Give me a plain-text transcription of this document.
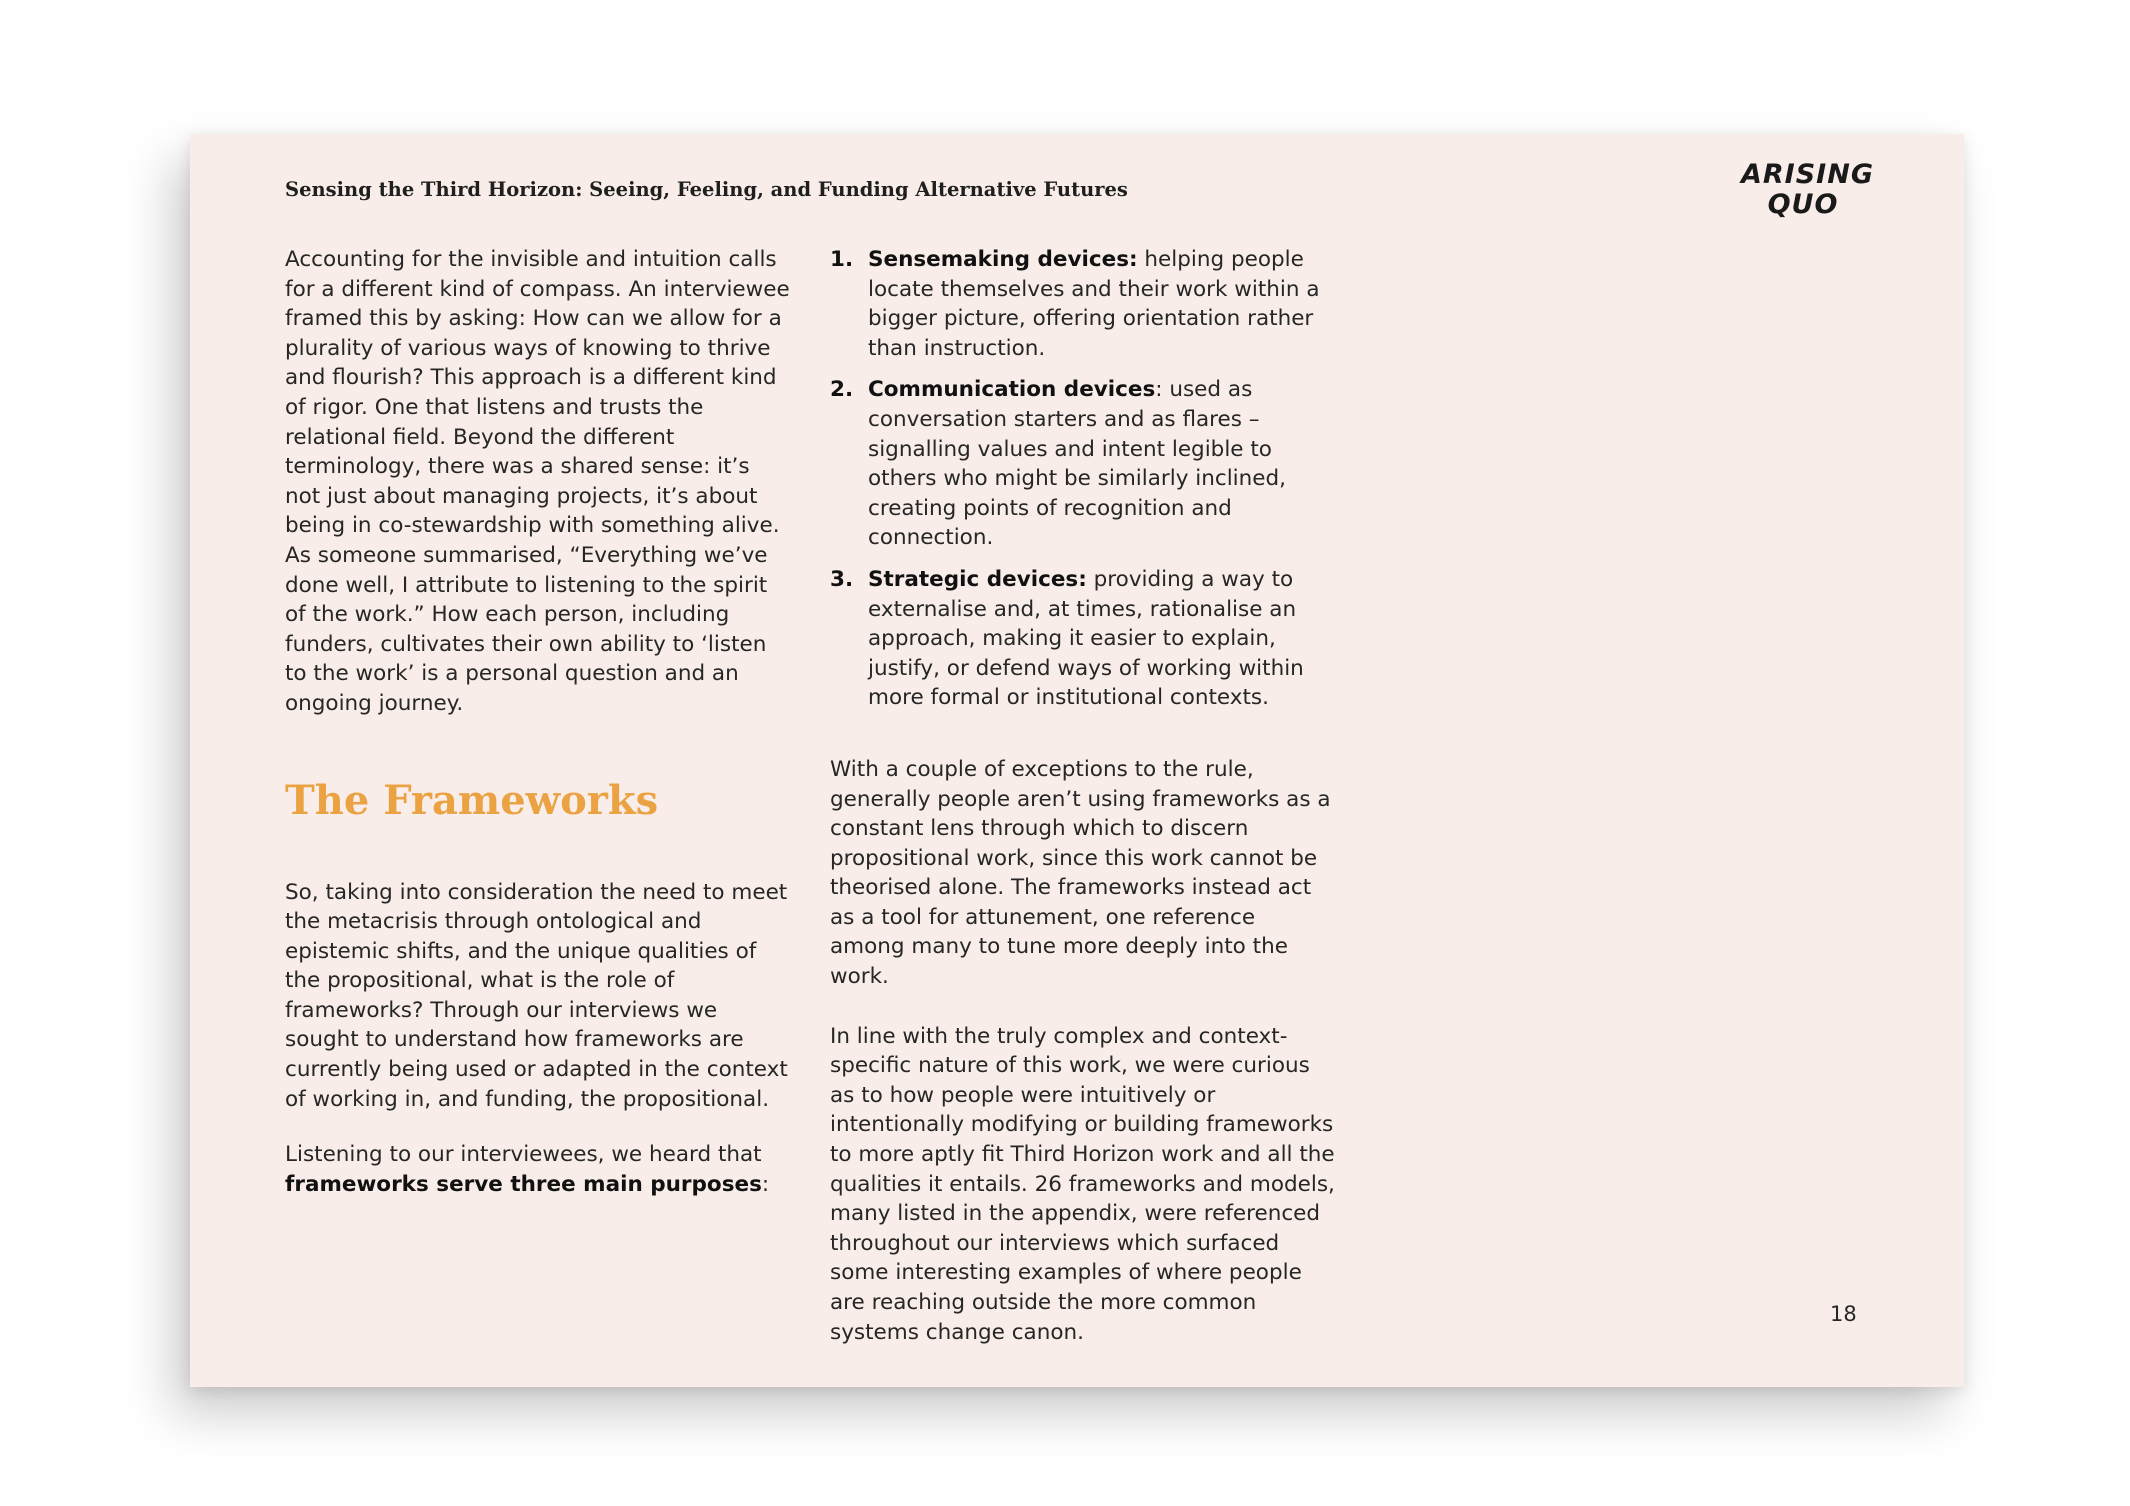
Sensing the Third Horizon: Seeing, Feeling, and Funding Alternative Futures	ARISING
QUO

Accounting for the invisible and intuition calls for a different kind of compass. An interviewee framed this by asking: How can we allow for a plurality of various ways of knowing to thrive and flourish? This approach is a different kind of rigor. One that listens and trusts the relational field. Beyond the different terminology, there was a shared sense: it’s not just about managing projects, it’s about being in co-stewardship with something alive. As someone summarised, “Everything we’ve done well, I attribute to listening to the spirit of the work.” How each person, including funders, cultivates their own ability to ‘listen to the work’ is a personal question and an ongoing journey.

The Frameworks

So, taking into consideration the need to meet the metacrisis through ontological and epistemic shifts, and the unique qualities of the propositional, what is the role of frameworks? Through our interviews we sought to understand how frameworks are currently being used or adapted in the context of working in, and funding, the propositional.

Listening to our interviewees, we heard that frameworks serve three main purposes:

1. Sensemaking devices: helping people locate themselves and their work within a bigger picture, offering orientation rather than instruction.
2. Communication devices: used as conversation starters and as flares – signalling values and intent legible to others who might be similarly inclined, creating points of recognition and connection.
3. Strategic devices: providing a way to externalise and, at times, rationalise an approach, making it easier to explain, justify, or defend ways of working within more formal or institutional contexts.

With a couple of exceptions to the rule, generally people aren’t using frameworks as a constant lens through which to discern propositional work, since this work cannot be theorised alone. The frameworks instead act as a tool for attunement, one reference among many to tune more deeply into the work.

In line with the truly complex and context-specific nature of this work, we were curious as to how people were intuitively or intentionally modifying or building frameworks to more aptly fit Third Horizon work and all the qualities it entails. 26 frameworks and models, many listed in the appendix, were referenced throughout our interviews which surfaced some interesting examples of where people are reaching outside the more common systems change canon.

18
